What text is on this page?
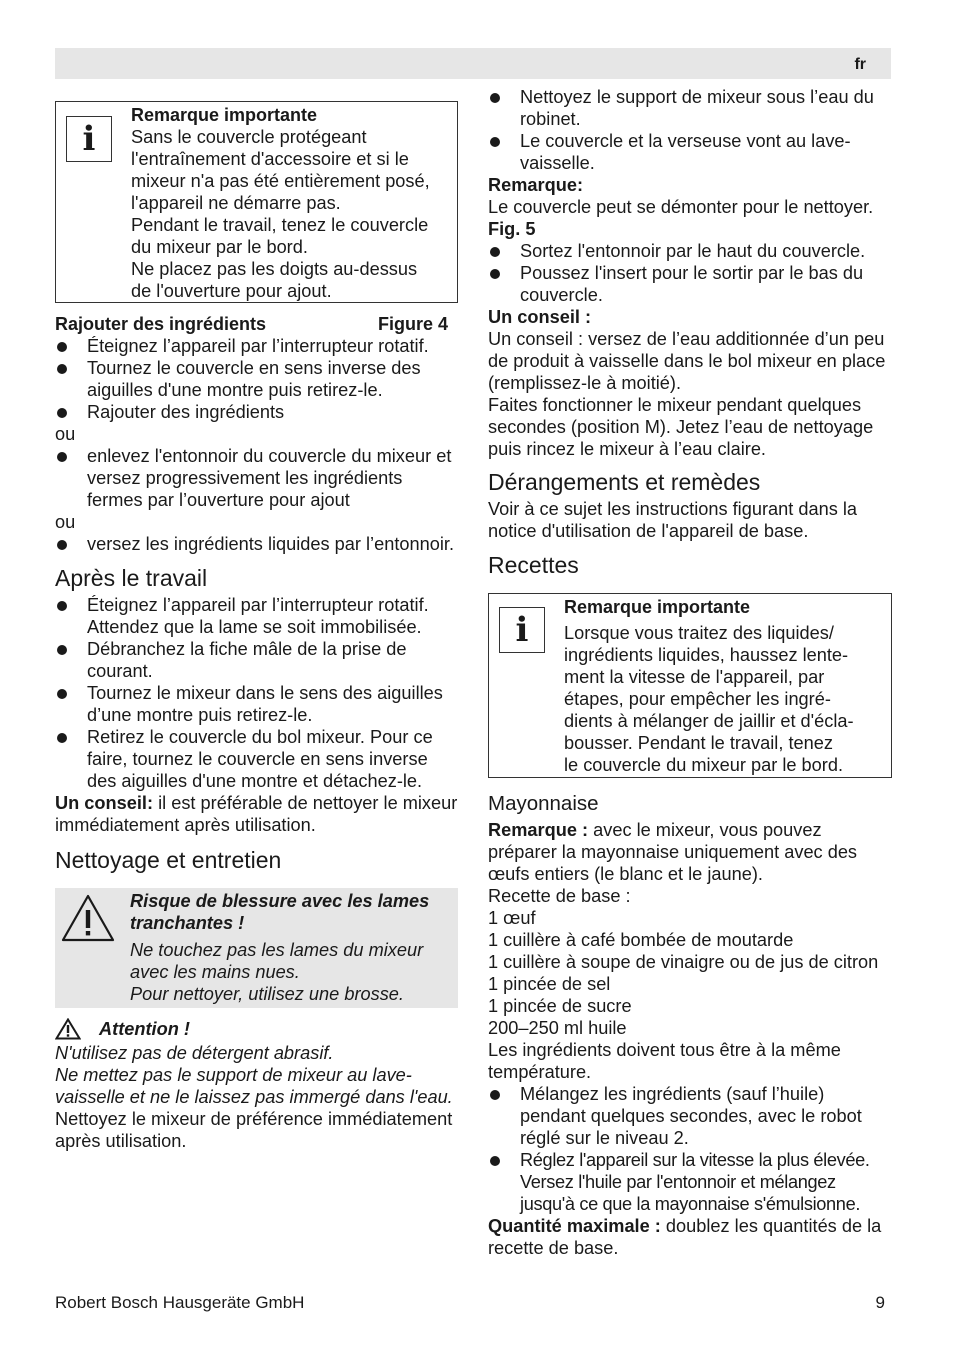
fr
i
Remarque importante
Sans le couvercle protégeant
l'entraînement d'accessoire et si le
mixeur n'a pas été entièrement posé,
l'appareil ne démarre pas.
Pendant le travail, tenez le couvercle
du mixeur par le bord.
Ne placez pas les doigts au-dessus
de l'ouverture pour ajout.
Rajouter des ingrédients	Figure 4
Éteignez l’appareil par l’interrupteur rotatif.
Tournez le couvercle en sens inverse des aiguilles d'une montre puis retirez-le.
Rajouter des ingrédients

ou

enlevez l'entonnoir du couvercle du mixeur et versez progressivement les ingrédients fermes par l’ouverture pour ajout

ou

versez les ingrédients liquides par l’entonnoir.
Après le travail
Éteignez l’appareil par l’interrupteur rotatif. Attendez que la lame se soit immobilisée.
Débranchez la fiche mâle de la prise de courant.
Tournez le mixeur dans le sens des aiguilles d’une montre puis retirez-le.
Retirez le couvercle du bol mixeur. Pour ce faire, tournez le couvercle en sens inverse des aiguilles d'une montre et détachez-le.

Un conseil: il est préférable de nettoyer le mixeur immédiatement après utilisation.

Nettoyage et entretien
Risque de blessure avec les lames tranchantes !
Ne touchez pas les lames du mixeur avec les mains nues.
Pour nettoyer, utilisez une brosse.
Attention !

N'utilisez pas de détergent abrasif.

Ne mettez pas le support de mixeur au lave-vaisselle et ne le laissez pas immergé dans l'eau.

Nettoyez le mixeur de préférence immédiatement après utilisation.

Nettoyez le support de mixeur sous l’eau du robinet.
Le couvercle et la verseuse vont au lave-vaisselle.

Remarque:

Le couvercle peut se démonter pour le nettoyer.

Fig. 5

Sortez l'entonnoir par le haut du couvercle.
Poussez l'insert pour le sortir par le bas du couvercle.

Un conseil :

Un conseil : versez de l’eau additionnée d’un peu de produit à vaisselle dans le bol mixeur en place (remplissez-le à moitié).

Faites fonctionner le mixeur pendant quelques secondes (position M). Jetez l’eau de nettoyage puis rincez le mixeur à l’eau claire.

Dérangements et remèdes

Voir à ce sujet les instructions figurant dans la notice d'utilisation de l'appareil de base.

Recettes
i
Remarque importante
Lorsque vous traitez des liquides/
ingrédients liquides, haussez lente-
ment la vitesse de l'appareil, par
étapes, pour empêcher les ingré-
dients à mélanger de jaillir et d'écla-
bousser. Pendant le travail, tenez
le couvercle du mixeur par le bord.
Mayonnaise

Remarque : avec le mixeur, vous pouvez préparer la mayonnaise uniquement avec des œufs entiers (le blanc et le jaune).

Recette de base :

1 œuf

1 cuillère à café bombée de moutarde

1 cuillère à soupe de vinaigre ou de jus de citron

1 pincée de sel

1 pincée de sucre

200–250 ml huile

Les ingrédients doivent tous être à la même température.

Mélangez les ingrédients (sauf l’huile) pendant quelques secondes, avec le robot réglé sur le niveau 2.
Réglez l'appareil sur la vitesse la plus élevée. Versez l'huile par l'entonnoir et mélangez jusqu'à ce que la mayonnaise s'émulsionne.

Quantité maximale : doublez les quantités de la recette de base.

Robert Bosch Hausgeräte GmbH	9
